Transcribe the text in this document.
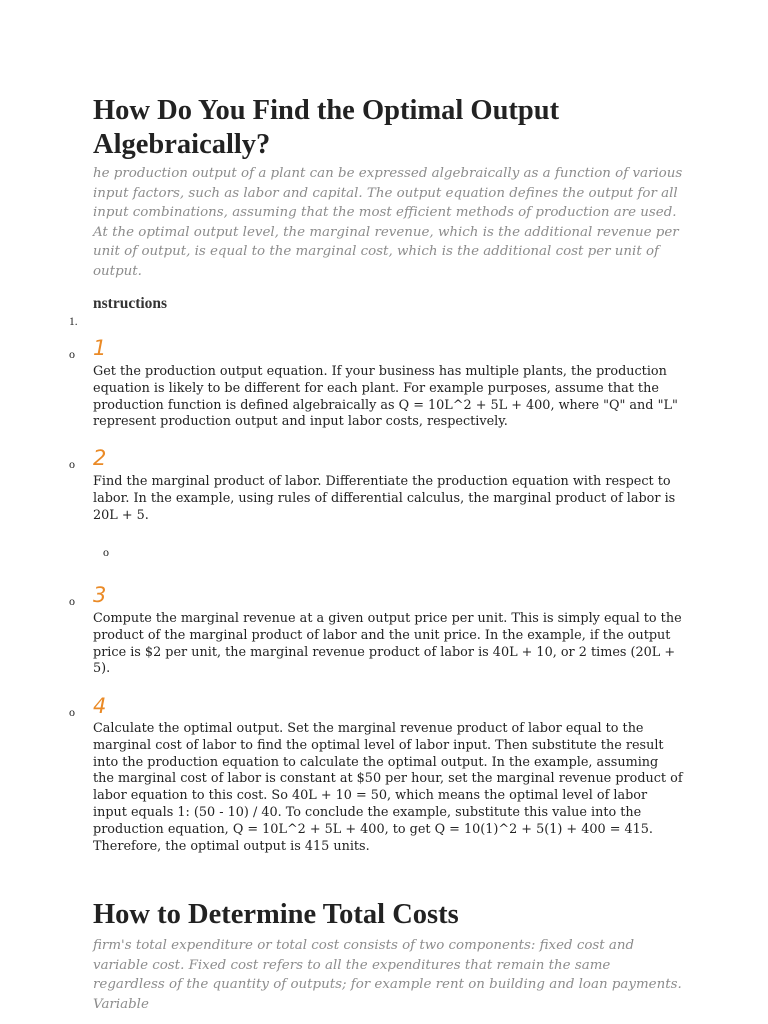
How Do You Find the Optimal Output Algebraically?

he production output of a plant can be expressed algebraically as a function of various input factors, such as labor and capital. The output equation defines the output for all input combinations, assuming that the most efficient methods of production are used. At the optimal output level, the marginal revenue, which is the additional revenue per unit of output, is equal to the marginal cost, which is the additional cost per unit of output.

nstructions
1.
o 1

Get the production output equation. If your business has multiple plants, the production equation is likely to be different for each plant. For example purposes, assume that the production function is defined algebraically as Q = 10L^2 + 5L + 400, where "Q" and "L" represent production output and input labor costs, respectively.

o 2

Find the marginal product of labor. Differentiate the production equation with respect to labor. In the example, using rules of differential calculus, the marginal product of labor is 20L + 5.

o
o 3

Compute the marginal revenue at a given output price per unit. This is simply equal to the product of the marginal product of labor and the unit price. In the example, if the output price is $2 per unit, the marginal revenue product of labor is 40L + 10, or 2 times (20L + 5).

o 4

Calculate the optimal output. Set the marginal revenue product of labor equal to the marginal cost of labor to find the optimal level of labor input. Then substitute the result into the production equation to calculate the optimal output. In the example, assuming the marginal cost of labor is constant at $50 per hour, set the marginal revenue product of labor equation to this cost. So 40L + 10 = 50, which means the optimal level of labor input equals 1: (50 - 10) / 40. To conclude the example, substitute this value into the production equation, Q = 10L^2 + 5L + 400, to get Q = 10(1)^2 + 5(1) + 400 = 415. Therefore, the optimal output is 415 units.

How to Determine Total Costs

firm's total expenditure or total cost consists of two components: fixed cost and variable cost. Fixed cost refers to all the expenditures that remain the same regardless of the quantity of outputs; for example rent on building and loan payments. Variable
